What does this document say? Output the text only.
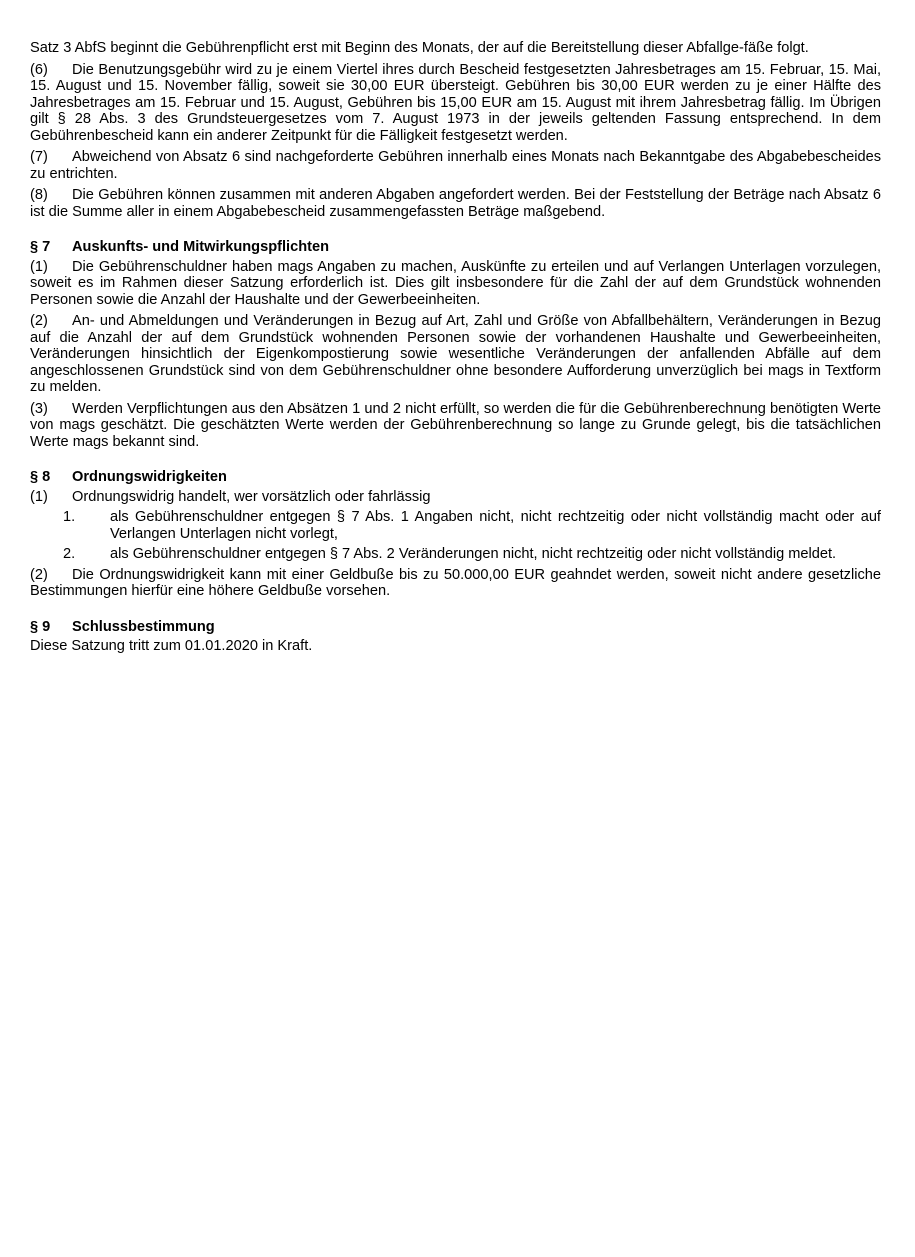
Satz 3 AbfS beginnt die Gebührenpflicht erst mit Beginn des Monats, der auf die Bereitstellung dieser Abfallge-fäße folgt.

(6) Die Benutzungsgebühr wird zu je einem Viertel ihres durch Bescheid festgesetzten Jahresbetrages am 15. Februar, 15. Mai, 15. August und 15. November fällig, soweit sie 30,00 EUR übersteigt. Gebühren bis 30,00 EUR werden zu je einer Hälfte des Jahresbetrages am 15. Februar und 15. August, Gebühren bis 15,00 EUR am 15. August mit ihrem Jahresbetrag fällig. Im Übrigen gilt § 28 Abs. 3 des Grundsteuergesetzes vom 7. August 1973 in der jeweils geltenden Fassung entsprechend. In dem Gebührenbescheid kann ein anderer Zeitpunkt für die Fälligkeit festgesetzt werden.

(7) Abweichend von Absatz 6 sind nachgeforderte Gebühren innerhalb eines Monats nach Bekanntgabe des Abgabebescheides zu entrichten.

(8) Die Gebühren können zusammen mit anderen Abgaben angefordert werden. Bei der Feststellung der Beträge nach Absatz 6 ist die Summe aller in einem Abgabebescheid zusammengefassten Beträge maßgebend.

§ 7	Auskunfts- und Mitwirkungspflichten

(1) Die Gebührenschuldner haben mags Angaben zu machen, Auskünfte zu erteilen und auf Verlangen Unterlagen vorzulegen, soweit es im Rahmen dieser Satzung erforderlich ist. Dies gilt insbesondere für die Zahl der auf dem Grundstück wohnenden Personen sowie die Anzahl der Haushalte und der Gewerbeeinheiten.

(2) An- und Abmeldungen und Veränderungen in Bezug auf Art, Zahl und Größe von Abfallbehältern, Veränderungen in Bezug auf die Anzahl der auf dem Grundstück wohnenden Personen sowie der vorhandenen Haushalte und Gewerbeeinheiten, Veränderungen hinsichtlich der Eigenkompostierung sowie wesentliche Veränderungen der anfallenden Abfälle auf dem angeschlossenen Grundstück sind von dem Gebührenschuldner ohne besondere Aufforderung unverzüglich bei mags in Textform zu melden.

(3) Werden Verpflichtungen aus den Absätzen 1 und 2 nicht erfüllt, so werden die für die Gebührenberechnung benötigten Werte von mags geschätzt. Die geschätzten Werte werden der Gebührenberechnung so lange zu Grunde gelegt, bis die tatsächlichen Werte mags bekannt sind.

§ 8	Ordnungswidrigkeiten

(1) Ordnungswidrig handelt, wer vorsätzlich oder fahrlässig

1.	als Gebührenschuldner entgegen § 7 Abs. 1 Angaben nicht, nicht rechtzeitig oder nicht vollständig macht oder auf Verlangen Unterlagen nicht vorlegt,
2.	als Gebührenschuldner entgegen § 7 Abs. 2 Veränderungen nicht, nicht rechtzeitig oder nicht vollständig meldet.

(2) Die Ordnungswidrigkeit kann mit einer Geldbuße bis zu 50.000,00 EUR geahndet werden, soweit nicht andere gesetzliche Bestimmungen hierfür eine höhere Geldbuße vorsehen.

§ 9	Schlussbestimmung

Diese Satzung tritt zum 01.01.2020 in Kraft.
